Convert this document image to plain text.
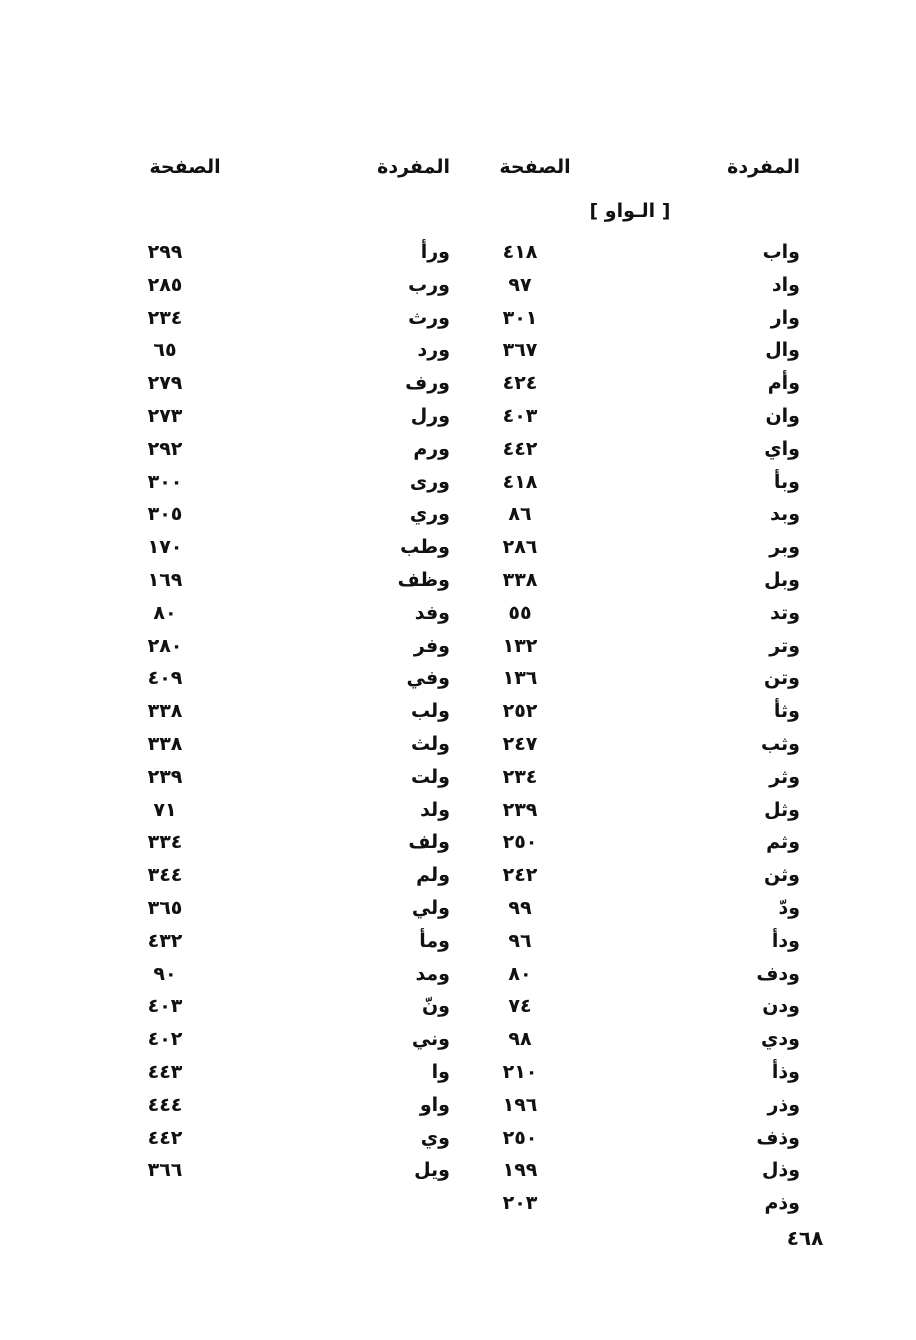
المفردة
الصفحة
المفردة
الصفحة
[ الـواو ]
واب
واد
وار
وال
وأم
وان
واي
وبأ
وبد
وبر
وبل
وتد
وتر
وتن
وثأ
وثب
وثر
وثل
وثم
وثن
ودّ
ودأ
ودف
ودن
ودي
وذأ
وذر
وذف
وذل
وذم
٤١٨
٩٧
٣٠١
٣٦٧
٤٢٤
٤٠٣
٤٤٢
٤١٨
٨٦
٢٨٦
٣٣٨
٥٥
١٣٢
١٣٦
٢٥٢
٢٤٧
٢٣٤
٢٣٩
٢٥٠
٢٤٢
٩٩
٩٦
٨٠
٧٤
٩٨
٢١٠
١٩٦
٢٥٠
١٩٩
٢٠٣
ورأ
ورب
ورث
ورد
ورف
ورل
ورم
ورى
وري
وطب
وظف
وفد
وفر
وفي
ولب
ولث
ولت
ولد
ولف
ولم
ولي
ومأ
ومد
ونّ
وني
وا
واو
وي
ويل
٢٩٩
٢٨٥
٢٣٤
٦٥
٢٧٩
٢٧٣
٢٩٢
٣٠٠
٣٠٥
١٧٠
١٦٩
٨٠
٢٨٠
٤٠٩
٣٣٨
٣٣٨
٢٣٩
٧١
٣٣٤
٣٤٤
٣٦٥
٤٣٢
٩٠
٤٠٣
٤٠٢
٤٤٣
٤٤٤
٤٤٢
٣٦٦
٤٦٨
